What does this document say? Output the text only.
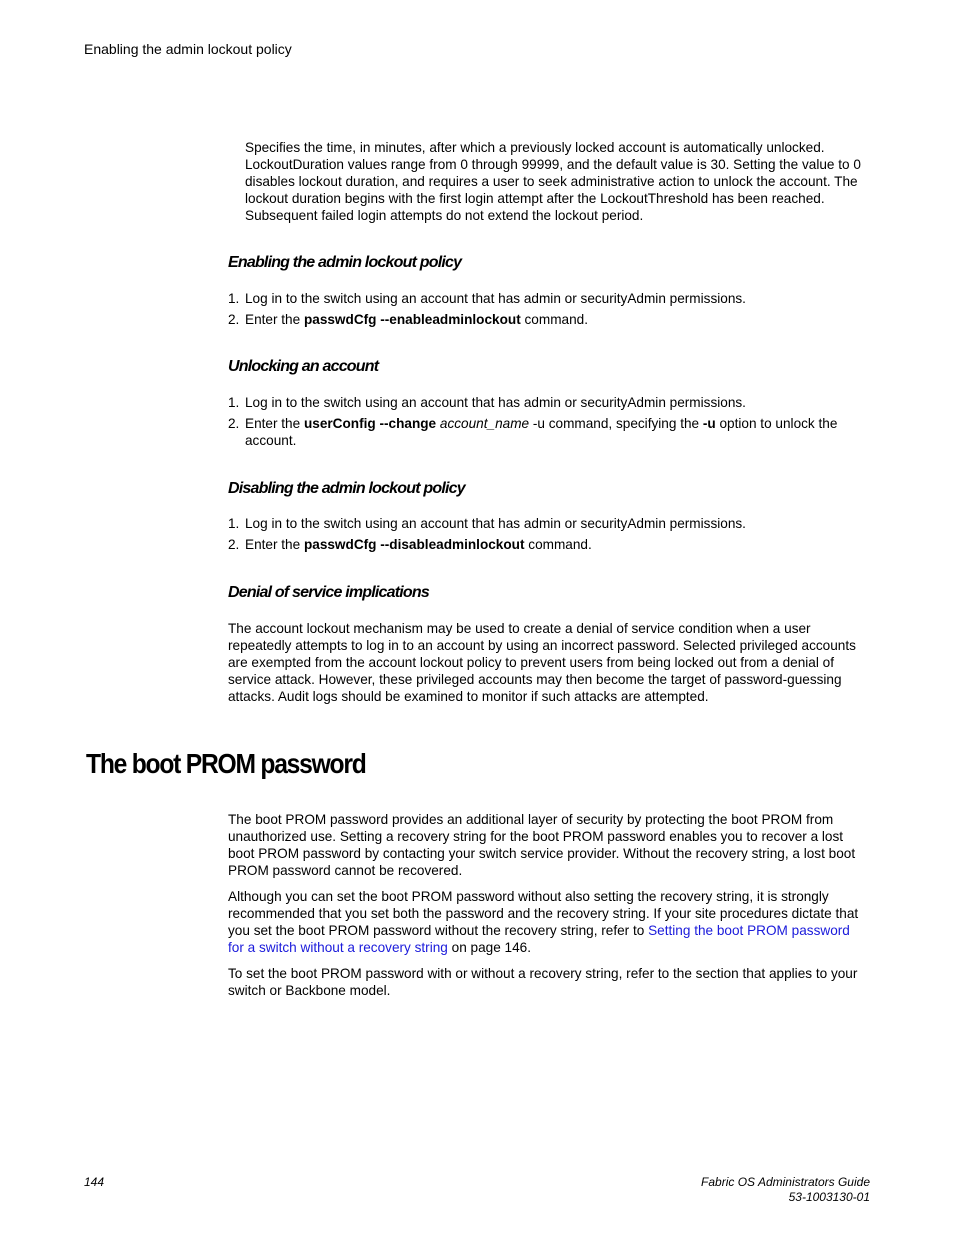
Enabling the admin lockout policy
Specifies the time, in minutes, after which a previously locked account is automatically unlocked. LockoutDuration values range from 0 through 99999, and the default value is 30. Setting the value to 0 disables lockout duration, and requires a user to seek administrative action to unlock the account. The lockout duration begins with the first login attempt after the LockoutThreshold has been reached. Subsequent failed login attempts do not extend the lockout period.
Enabling the admin lockout policy
1. Log in to the switch using an account that has admin or securityAdmin permissions.
2. Enter the passwdCfg --enableadminlockout command.
Unlocking an account
1. Log in to the switch using an account that has admin or securityAdmin permissions.
2. Enter the userConfig --change account_name -u command, specifying the -u option to unlock the account.
Disabling the admin lockout policy
1. Log in to the switch using an account that has admin or securityAdmin permissions.
2. Enter the passwdCfg --disableadminlockout command.
Denial of service implications
The account lockout mechanism may be used to create a denial of service condition when a user repeatedly attempts to log in to an account by using an incorrect password. Selected privileged accounts are exempted from the account lockout policy to prevent users from being locked out from a denial of service attack. However, these privileged accounts may then become the target of password-guessing attacks. Audit logs should be examined to monitor if such attacks are attempted.
The boot PROM password

The boot PROM password provides an additional layer of security by protecting the boot PROM from unauthorized use. Setting a recovery string for the boot PROM password enables you to recover a lost boot PROM password by contacting your switch service provider. Without the recovery string, a lost boot PROM password cannot be recovered.

Although you can set the boot PROM password without also setting the recovery string, it is strongly recommended that you set both the password and the recovery string. If your site procedures dictate that you set the boot PROM password without the recovery string, refer to Setting the boot PROM password for a switch without a recovery string on page 146.

To set the boot PROM password with or without a recovery string, refer to the section that applies to your switch or Backbone model.

144	Fabric OS Administrators Guide
53-1003130-01
